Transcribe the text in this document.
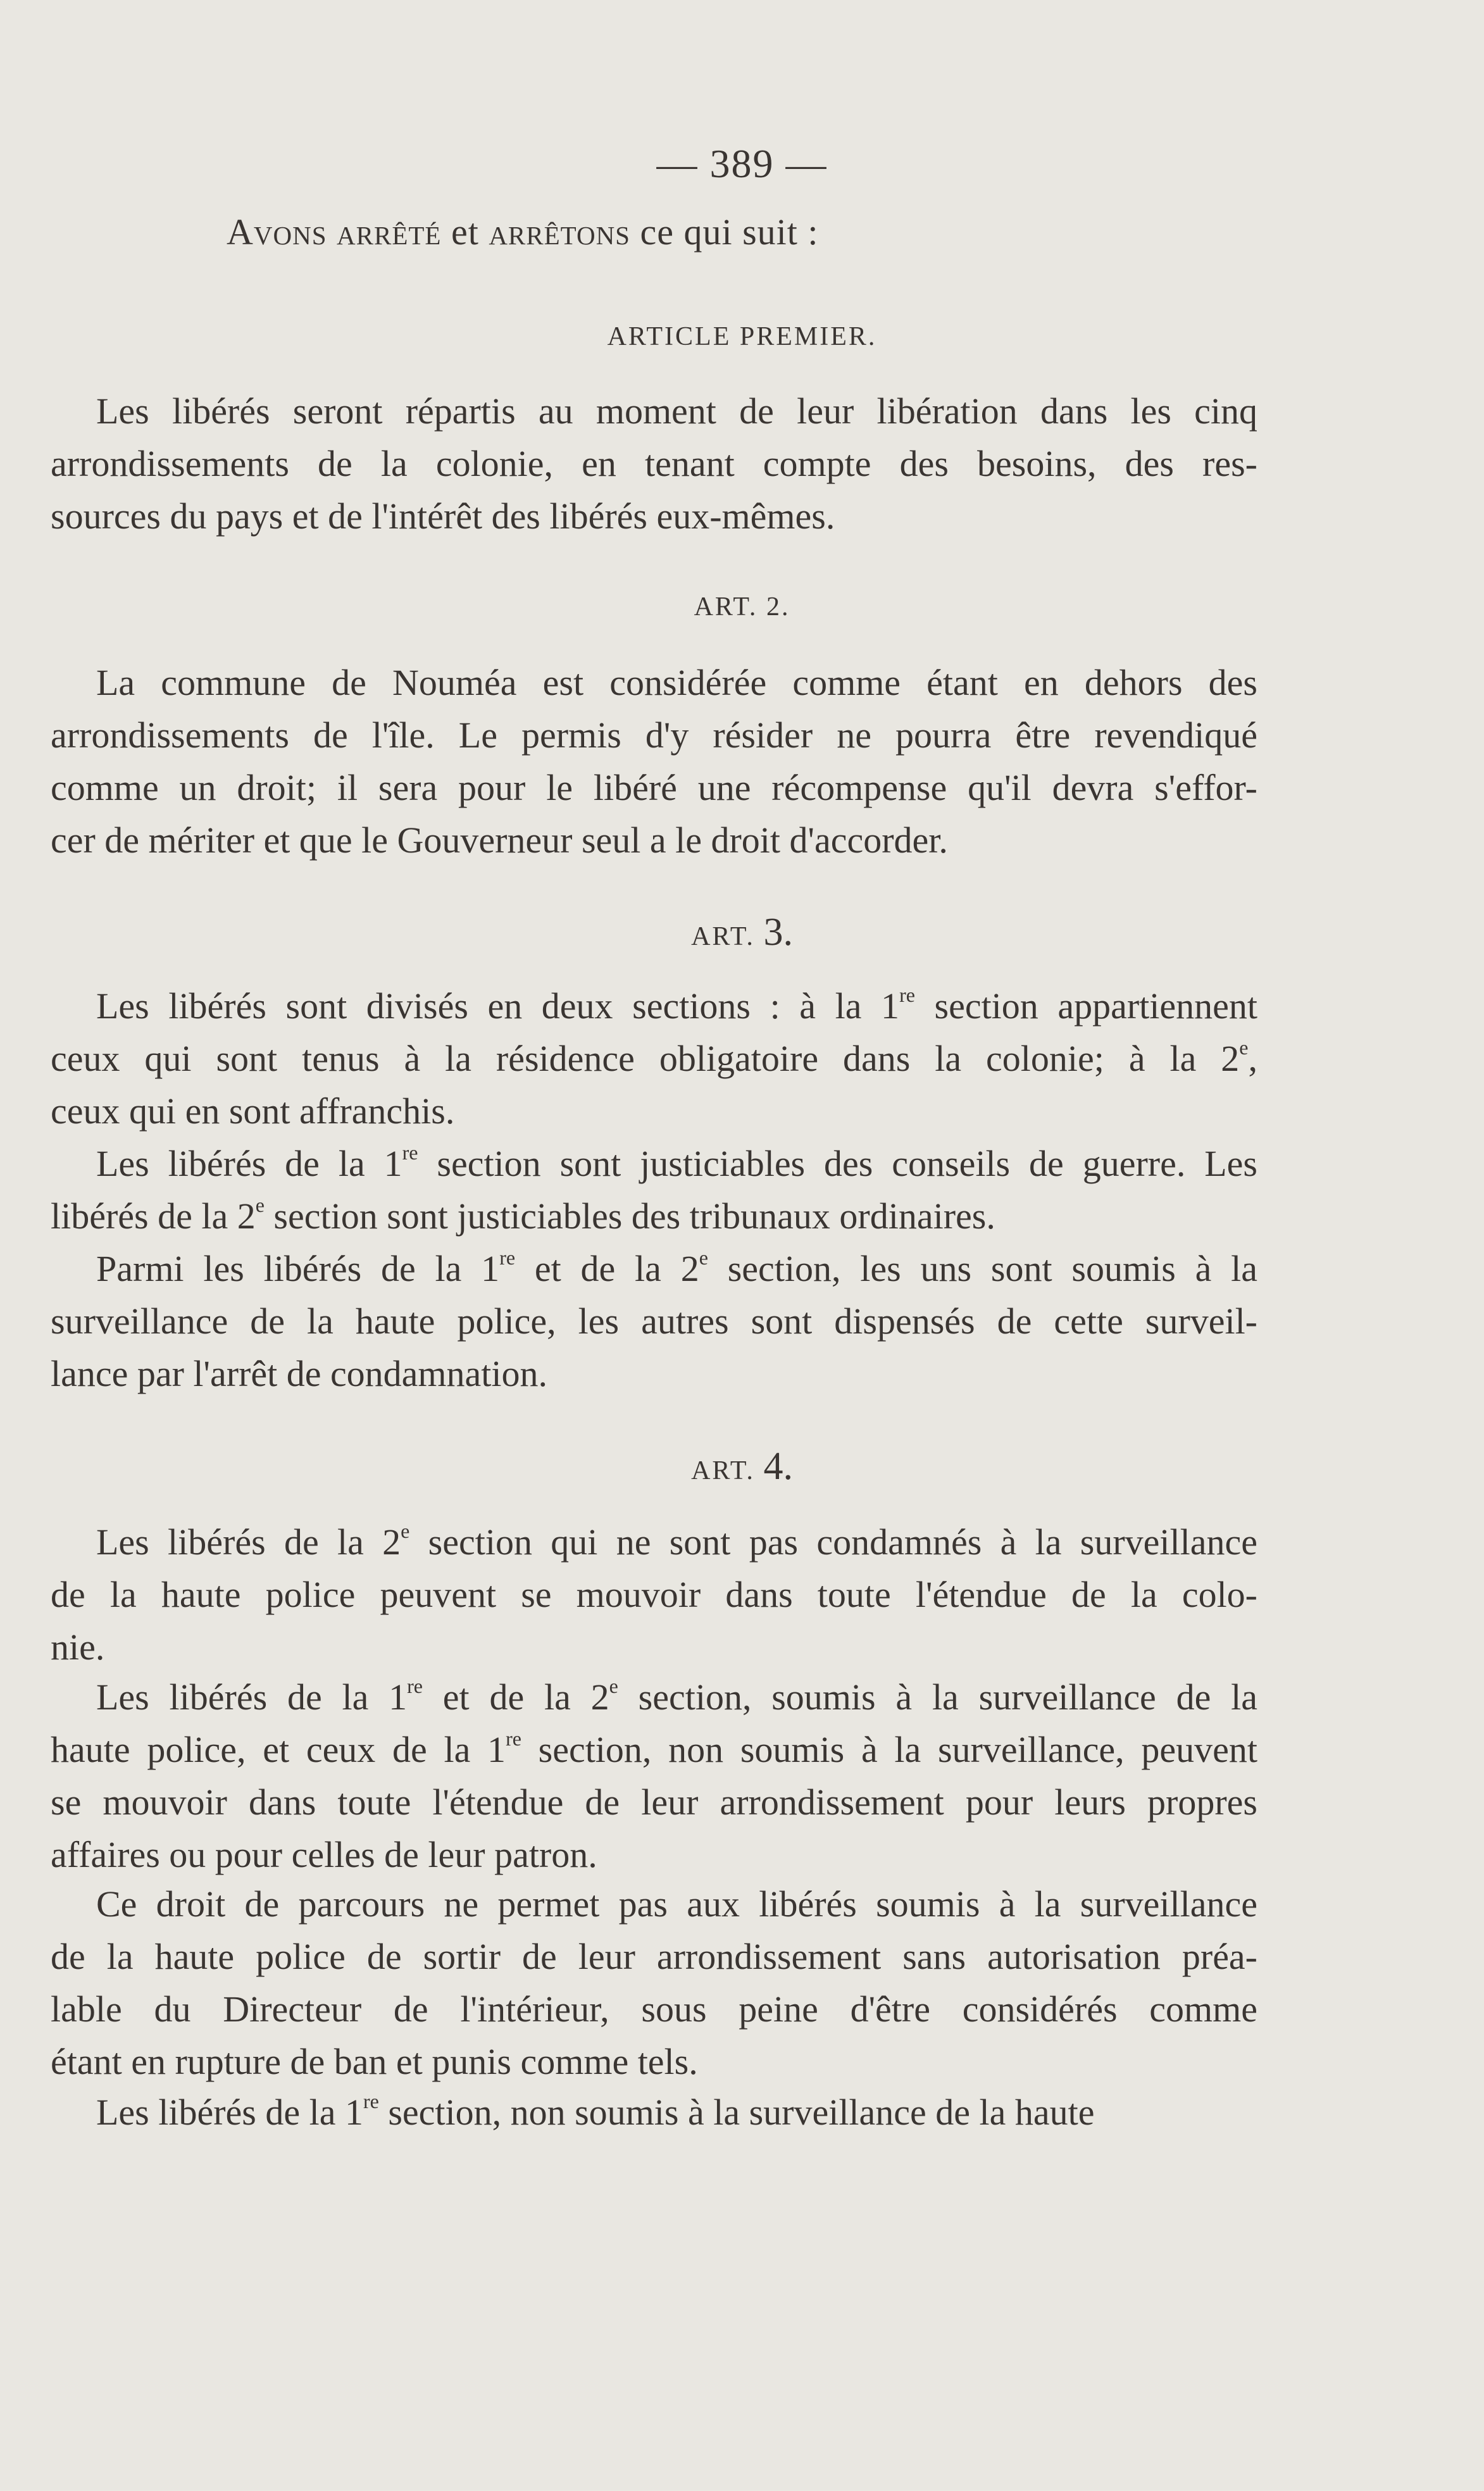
— 389 —
Avons arrêté et arrêtons ce qui suit :
ARTICLE PREMIER.
Les libérés seront répartis au moment de leur libération dans les cinq
arrondissements de la colonie, en tenant compte des besoins, des res-
sources du pays et de l'intérêt des libérés eux-mêmes.
ART. 2.
La commune de Nouméa est considérée comme étant en dehors des
arrondissements de l'île. Le permis d'y résider ne pourra être revendiqué
comme un droit; il sera pour le libéré une récompense qu'il devra s'effor-
cer de mériter et que le Gouverneur seul a le droit d'accorder.
ART. 3.
Les libérés sont divisés en deux sections : à la 1re section appartiennent
ceux qui sont tenus à la résidence obligatoire dans la colonie; à la 2e,
ceux qui en sont affranchis.
Les libérés de la 1re section sont justiciables des conseils de guerre. Les
libérés de la 2e section sont justiciables des tribunaux ordinaires.
Parmi les libérés de la 1re et de la 2e section, les uns sont soumis à la
surveillance de la haute police, les autres sont dispensés de cette surveil-
lance par l'arrêt de condamnation.
ART. 4.
Les libérés de la 2e section qui ne sont pas condamnés à la surveillance
de la haute police peuvent se mouvoir dans toute l'étendue de la colo-
nie.
Les libérés de la 1re et de la 2e section, soumis à la surveillance de la
haute police, et ceux de la 1re section, non soumis à la surveillance, peuvent
se mouvoir dans toute l'étendue de leur arrondissement pour leurs propres
affaires ou pour celles de leur patron.
Ce droit de parcours ne permet pas aux libérés soumis à la surveillance
de la haute police de sortir de leur arrondissement sans autorisation préa-
lable du Directeur de l'intérieur, sous peine d'être considérés comme
étant en rupture de ban et punis comme tels.
Les libérés de la 1re section, non soumis à la surveillance de la haute
